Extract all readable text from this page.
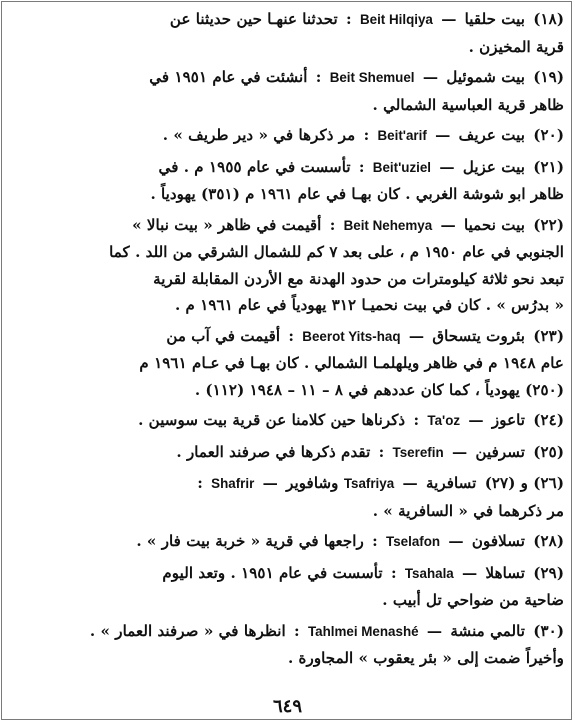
(١٨) بيت حلقيا — Beit Hilqiya : تحدثنا عنهـا حين حديثنا عن
قرية المخيزن .
(١٩) بيت شموئيل — Beit Shemuel : أنشئت في عام ١٩٥١ في
ظاهر قرية العباسية الشمالي .
(٢٠) بيت عريف — Beit'arif : مر ذكرها في « دير طريف » .
(٢١) بيت عزيل — Beit'uziel : تأسست في عام ١٩٥٥ م . في
ظاهر ابو شوشة الغربي . كان بهـا في عام ١٩٦١ م (٣٥١) يهودياً .
(٢٢) بيت نحميا — Beit Nehemya : أقيمت في ظاهر « بيت نبالا »
الجنوبي في عام ١٩٥٠ م ، على بعد ٧ كم للشمال الشرقي من اللد . كما
تبعد نحو ثلاثة كيلومترات من حدود الهدنة مع الأردن المقابلة لقرية
« بدرُس » . كان في بيت نحميـا ٣١٢ يهودياً في عام ١٩٦١ م .
(٢٣) بئروت يتسحاق — Beerot Yits-haq : أقيمت في آب من
عام ١٩٤٨ م في ظاهر ويلهلمـا الشمالي . كان بهـا في عـام ١٩٦١ م
(٢٥٠) يهودياً ، كما كان عددهم في ٨ – ١١ – ١٩٤٨ (١١٢) .
(٢٤) تاعوز — Ta'oz : ذكرناها حين كلامنا عن قرية بيت سوسين .
(٢٥) تسرفين — Tserefin : تقدم ذكرها في صرفند العمار .
(٢٦) و (٢٧) تسافرية — Tsafriya وشافوير — Shafrir :
مر ذكرهما في « السافرية » .
(٢٨) تسلافون — Tselafon : راجعها في قرية « خربة بيت فار » .
(٢٩) تساهلا — Tsahala : تأسست في عام ١٩٥١ . وتعد اليوم
ضاحية من ضواحي تل أبيب .
(٣٠) تالمي منشة — Tahlmei Menashé : انظرها في « صرفند العمار » .
وأخيراً ضمت إلى « بئر يعقوب » المجاورة .
٦٤٩
